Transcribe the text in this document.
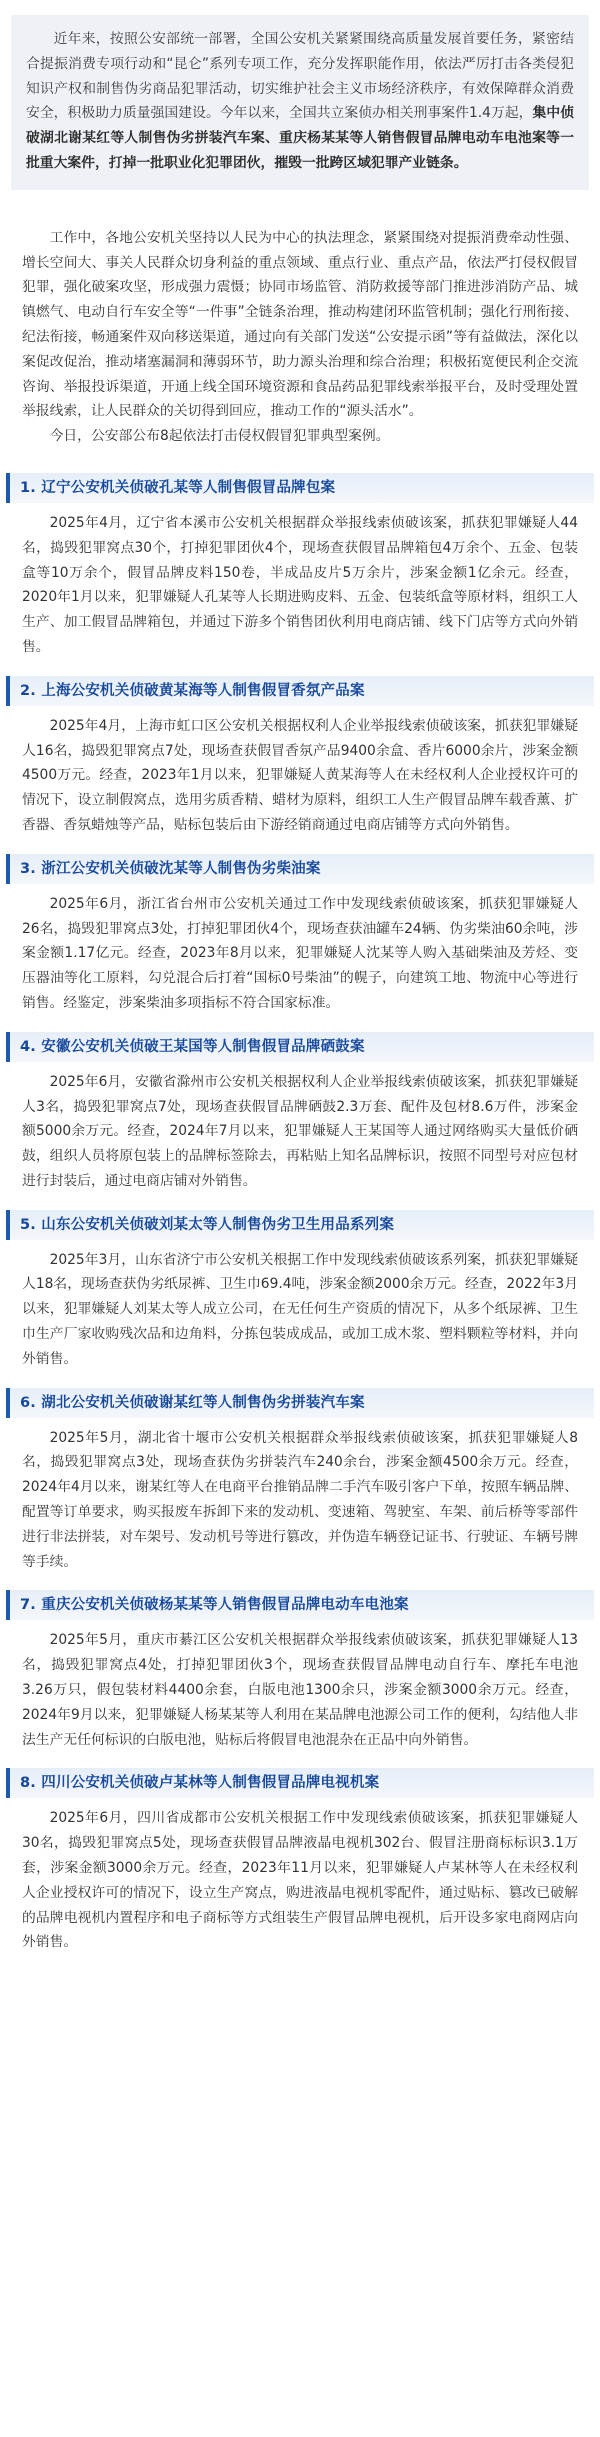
近年来，按照公安部统一部署，全国公安机关紧紧围绕高质量发展首要任务，紧密结合提振消费专项行动和“昆仑”系列专项工作，充分发挥职能作用，依法严厉打击各类侵犯知识产权和制售伪劣商品犯罪活动，切实维护社会主义市场经济秩序，有效保障群众消费安全，积极助力质量强国建设。今年以来，全国共立案侦办相关刑事案件1.4万起，集中侦破湖北谢某红等人制售伪劣拼装汽车案、重庆杨某某等人销售假冒品牌电动车电池案等一批重大案件，打掉一批职业化犯罪团伙，摧毁一批跨区域犯罪产业链条。

工作中，各地公安机关坚持以人民为中心的执法理念，紧紧围绕对提振消费牵动性强、增长空间大、事关人民群众切身利益的重点领域、重点行业、重点产品，依法严打侵权假冒犯罪，强化破案攻坚，形成强力震慑；协同市场监管、消防救援等部门推进涉消防产品、城镇燃气、电动自行车安全等“一件事”全链条治理，推动构建闭环监管机制；强化行刑衔接、纪法衔接，畅通案件双向移送渠道，通过向有关部门发送“公安提示函”等有益做法，深化以案促改促治，推动堵塞漏洞和薄弱环节，助力源头治理和综合治理；积极拓宽便民利企交流咨询、举报投诉渠道，开通上线全国环境资源和食品药品犯罪线索举报平台，及时受理处置举报线索，让人民群众的关切得到回应，推动工作的“源头活水”。

今日，公安部公布8起依法打击侵权假冒犯罪典型案例。

1. 辽宁公安机关侦破孔某等人制售假冒品牌包案

2025年4月，辽宁省本溪市公安机关根据群众举报线索侦破该案，抓获犯罪嫌疑人44名，捣毁犯罪窝点30个，打掉犯罪团伙4个，现场查获假冒品牌箱包4万余个、五金、包装盒等10万余个，假冒品牌皮料150卷，半成品皮片5万余片，涉案金额1亿余元。经查，2020年1月以来，犯罪嫌疑人孔某等人长期进购皮料、五金、包装纸盒等原材料，组织工人生产、加工假冒品牌箱包，并通过下游多个销售团伙利用电商店铺、线下门店等方式向外销售。

2. 上海公安机关侦破黄某海等人制售假冒香氛产品案

2025年4月，上海市虹口区公安机关根据权利人企业举报线索侦破该案，抓获犯罪嫌疑人16名，捣毁犯罪窝点7处，现场查获假冒香氛产品9400余盒、香片6000余片，涉案金额4500万元。经查，2023年1月以来，犯罪嫌疑人黄某海等人在未经权利人企业授权许可的情况下，设立制假窝点，选用劣质香精、蜡材为原料，组织工人生产假冒品牌车载香薰、扩香器、香氛蜡烛等产品，贴标包装后由下游经销商通过电商店铺等方式向外销售。

3. 浙江公安机关侦破沈某等人制售伪劣柴油案

2025年6月，浙江省台州市公安机关通过工作中发现线索侦破该案，抓获犯罪嫌疑人26名，捣毁犯罪窝点3处，打掉犯罪团伙4个，现场查获油罐车24辆、伪劣柴油60余吨，涉案金额1.17亿元。经查，2023年8月以来，犯罪嫌疑人沈某等人购入基础柴油及芳烃、变压器油等化工原料，勾兑混合后打着“国标0号柴油”的幌子，向建筑工地、物流中心等进行销售。经鉴定，涉案柴油多项指标不符合国家标准。

4. 安徽公安机关侦破王某国等人制售假冒品牌硒鼓案

2025年6月，安徽省滁州市公安机关根据权利人企业举报线索侦破该案，抓获犯罪嫌疑人3名，捣毁犯罪窝点7处，现场查获假冒品牌硒鼓2.3万套、配件及包材8.6万件，涉案金额5000余万元。经查，2024年7月以来，犯罪嫌疑人王某国等人通过网络购买大量低价硒鼓，组织人员将原包装上的品牌标签除去，再粘贴上知名品牌标识，按照不同型号对应包材进行封装后，通过电商店铺对外销售。

5. 山东公安机关侦破刘某太等人制售伪劣卫生用品系列案

2025年3月，山东省济宁市公安机关根据工作中发现线索侦破该系列案，抓获犯罪嫌疑人18名，现场查获伪劣纸尿裤、卫生巾69.4吨，涉案金额2000余万元。经查，2022年3月以来，犯罪嫌疑人刘某太等人成立公司，在无任何生产资质的情况下，从多个纸尿裤、卫生巾生产厂家收购残次品和边角料，分拣包装成成品，或加工成木浆、塑料颗粒等材料，并向外销售。

6. 湖北公安机关侦破谢某红等人制售伪劣拼装汽车案

2025年5月，湖北省十堰市公安机关根据群众举报线索侦破该案，抓获犯罪嫌疑人8名，捣毁犯罪窝点3处，现场查获伪劣拼装汽车240余台，涉案金额4500余万元。经查，2024年4月以来，谢某红等人在电商平台推销品牌二手汽车吸引客户下单，按照车辆品牌、配置等订单要求，购买报废车拆卸下来的发动机、变速箱、驾驶室、车架、前后桥等零部件进行非法拼装，对车架号、发动机号等进行篡改，并伪造车辆登记证书、行驶证、车辆号牌等手续。

7. 重庆公安机关侦破杨某某等人销售假冒品牌电动车电池案

2025年5月，重庆市綦江区公安机关根据群众举报线索侦破该案，抓获犯罪嫌疑人13名，捣毁犯罪窝点4处，打掉犯罪团伙3个，现场查获假冒品牌电动自行车、摩托车电池3.26万只，假包装材料4400余套，白版电池1300余只，涉案金额3000余万元。经查，2024年9月以来，犯罪嫌疑人杨某某等人利用在某品牌电池源公司工作的便利，勾结他人非法生产无任何标识的白版电池，贴标后将假冒电池混杂在正品中向外销售。

8. 四川公安机关侦破卢某林等人制售假冒品牌电视机案

2025年6月，四川省成都市公安机关根据工作中发现线索侦破该案，抓获犯罪嫌疑人30名，捣毁犯罪窝点5处，现场查获假冒品牌液晶电视机302台、假冒注册商标标识3.1万套，涉案金额3000余万元。经查，2023年11月以来，犯罪嫌疑人卢某林等人在未经权利人企业授权许可的情况下，设立生产窝点，购进液晶电视机零配件，通过贴标、篡改已破解的品牌电视机内置程序和电子商标等方式组装生产假冒品牌电视机，后开设多家电商网店向外销售。
